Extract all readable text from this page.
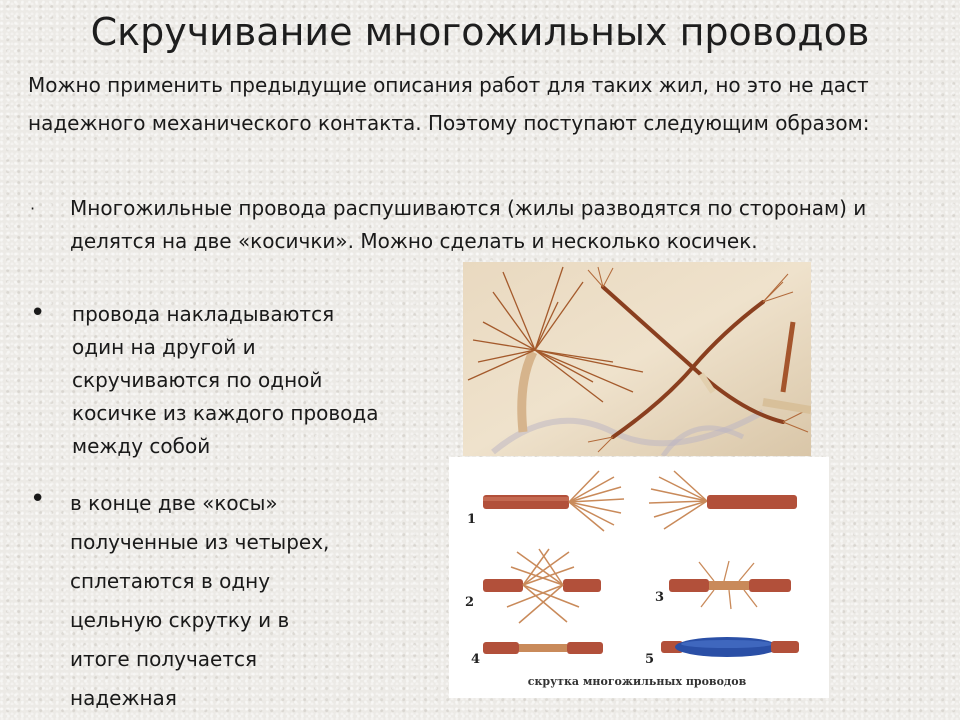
Скручивание многожильных проводов
Можно применить предыдущие описания работ для таких жил, но это не даст надежного механического контакта. Поэтому поступают следующим образом:
· Многожильные провода распушиваются (жилы разводятся по сторонам) и делятся на две «косички». Можно сделать и несколько косичек.
• провода накладываются один на другой и скручиваются по одной косичке из каждого провода между собой
• в конце две «косы» полученные из четырех, сплетаются в одну цельную скрутку и в итоге получается надежная
1
2	3
4	5
скрутка многожильных проводов
